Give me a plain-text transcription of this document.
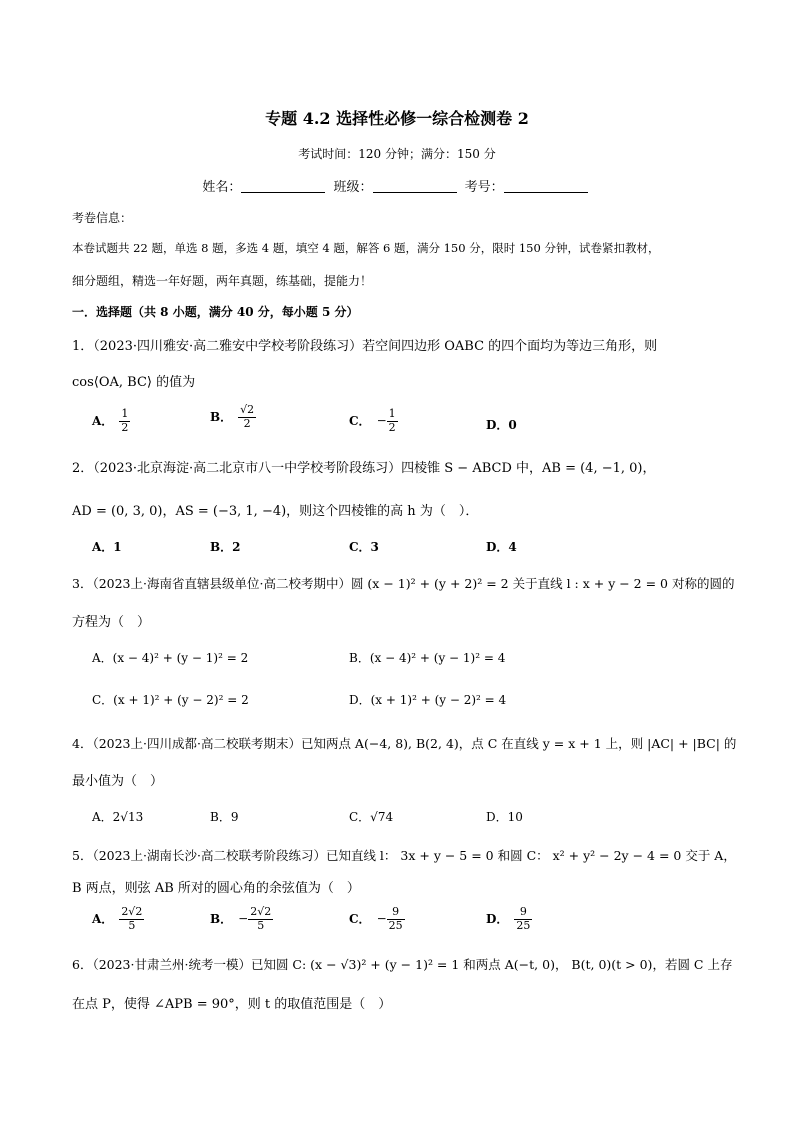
专题 4.2 选择性必修一综合检测卷 2
考试时间：120 分钟；满分：150 分
姓名：	班级：	考号：
考卷信息：
本卷试题共 22 题，单选 8 题，多选 4 题，填空 4 题，解答 6 题，满分 150 分，限时 150 分钟，试卷紧扣教材，
细分题组，精选一年好题，两年真题，练基础，提能力！
一．选择题（共 8 小题，满分 40 分，每小题 5 分）
1．（2023·四川雅安·高二雅安中学校考阶段练习）若空间四边形 OABC 的四个面均为等边三角形，则
cos⟨OA, BC⟩ 的值为
A． $\frac{1}{2}$	B． $\frac{√2}{2}$	C． − $\frac{1}{2}$	D．0
2．（2023·北京海淀·高二北京市八一中学校考阶段练习）四棱锥 S − ABCD 中，AB = (4, −1, 0)，
AD = (0, 3, 0)，AS = (−3, 1, −4)，则这个四棱锥的高 h 为（　）．
A．1	B．2	C．3	D．4
3．（2023上·海南省直辖县级单位·高二校考期中）圆 (x − 1)² + (y + 2)² = 2 关于直线 l : x + y − 2 = 0 对称的圆的
方程为（　）
A．(x − 4)² + (y − 1)² = 2	B．(x − 4)² + (y − 1)² = 4
C．(x + 1)² + (y − 2)² = 2	D．(x + 1)² + (y − 2)² = 4
4．（2023上·四川成都·高二校联考期末）已知两点 A(−4, 8), B(2, 4)，点 C 在直线 y = x + 1 上，则 |AC| + |BC| 的
最小值为（　）
A．2√13	B．9	C．√74	D．10
5．（2023上·湖南长沙·高二校联考阶段练习）已知直线 l： 3x + y − 5 = 0 和圆 C： x² + y² − 2y − 4 = 0 交于 A，
B 两点，则弦 AB 所对的圆心角的余弦值为（　）
A． $\frac{2√2}{5}$	B． − $\frac{2√2}{5}$	C． − $\frac{9}{25}$	D． $\frac{9}{25}$
6．（2023·甘肃兰州·统考一模）已知圆 C: (x − √3)² + (y − 1)² = 1 和两点 A(−t, 0)， B(t, 0)(t > 0)，若圆 C 上存
在点 P，使得 ∠APB = 90°，则 t 的取值范围是（　）
